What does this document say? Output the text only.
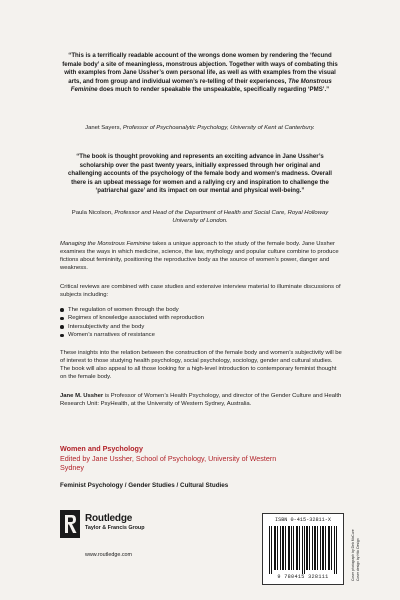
“This is a terrifically readable account of the wrongs done women by rendering the ‘fecund female body’ a site of meaningless, monstrous abjection. Together with ways of combating this with examples from Jane Ussher’s own personal life, as well as with examples from the visual arts, and from group and individual women’s re-telling of their experiences, The Monstrous Feminine does much to render speakable the unspeakable, specifically regarding ‘PMS’.”
Janet Sayers, Professor of Psychoanalytic Psychology, University of Kent at Canterbury.
“The book is thought provoking and represents an exciting advance in Jane Ussher’s scholarship over the past twenty years, initially expressed through her original and challenging accounts of the psychology of the female body and women’s madness. Overall there is an upbeat message for women and a rallying cry and inspiration to challenge the ‘patriarchal gaze’ and its impact on our mental and physical well-being.”
Paula Nicolson, Professor and Head of the Department of Health and Social Care, Royal Holloway University of London.
Managing the Monstrous Feminine takes a unique approach to the study of the female body. Jane Ussher examines the ways in which medicine, science, the law, mythology and popular culture combine to produce fictions about femininity, positioning the reproductive body as the source of women’s power, danger and weakness.
Critical reviews are combined with case studies and extensive interview material to illuminate discussions of subjects including:
The regulation of women through the body
Regimes of knowledge associated with reproduction
Intersubjectivity and the body
Women’s narratives of resistance
These insights into the relation between the construction of the female body and women’s subjectivity will be of interest to those studying health psychology, social psychology, sociology, gender and cultural studies. The book will also appeal to all those looking for a high-level introduction to contemporary feminist thought on the female body.
Jane M. Ussher is Professor of Women’s Health Psychology, and director of the Gender Culture and Health Research Unit: PsyHealth, at the University of Western Sydney, Australia.
Women and Psychology
Edited by Jane Ussher, School of Psychology, University of Western Sydney
Feminist Psychology / Gender Studies / Cultural Studies
Routledge
Taylor & Francis Group
www.routledge.com
ISBN 0-415-32811-X
9 780415 328111	Cover photograph by Deb McCure Cover design by Hilo Design
